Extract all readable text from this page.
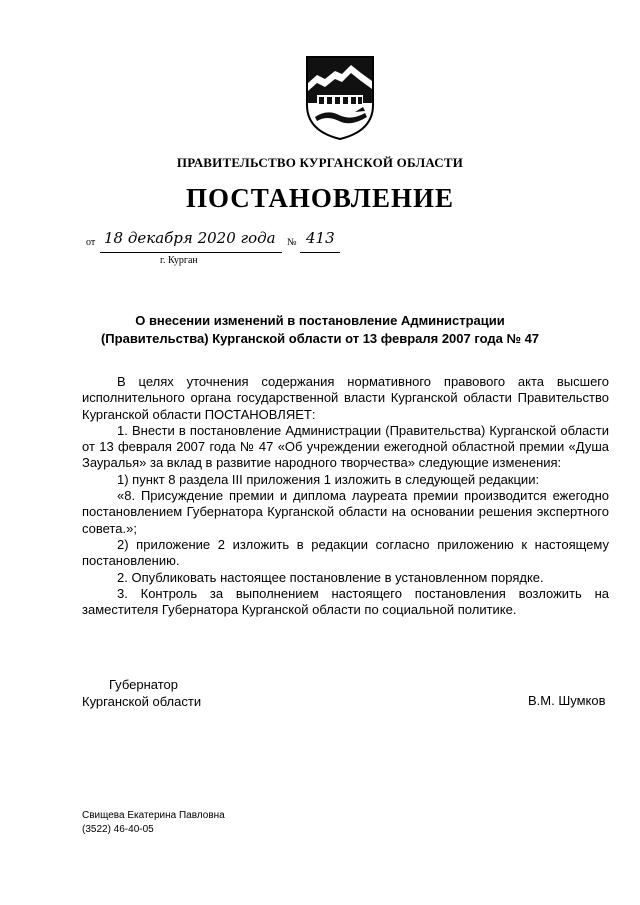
ПРАВИТЕЛЬСТВО КУРГАНСКОЙ ОБЛАСТИ
ПОСТАНОВЛЕНИЕ
от 18 декабря 2020 года № 413
г. Курган
О внесении изменений в постановление Администрации
(Правительства) Курганской области от 13 февраля 2007 года № 47

В целях уточнения содержания нормативного правового акта высшего исполнительного органа государственной власти Курганской области Правительство Курганской области ПОСТАНОВЛЯЕТ:

1. Внести в постановление Администрации (Правительства) Курганской области от 13 февраля 2007 года № 47 «Об учреждении ежегодной областной премии «Душа Зауралья» за вклад в развитие народного творчества» следующие изменения:

1) пункт 8 раздела III приложения 1 изложить в следующей редакции:

«8. Присуждение премии и диплома лауреата премии производится ежегодно постановлением Губернатора Курганской области на основании решения экспертного совета.»;

2) приложение 2 изложить в редакции согласно приложению к настоящему постановлению.

2. Опубликовать настоящее постановление в установленном порядке.

3. Контроль за выполнением настоящего постановления возложить на заместителя Губернатора Курганской области по социальной политике.

Губернатор
Курганской области	В.М. Шумков
Свищева Екатерина Павловна
(3522) 46-40-05
